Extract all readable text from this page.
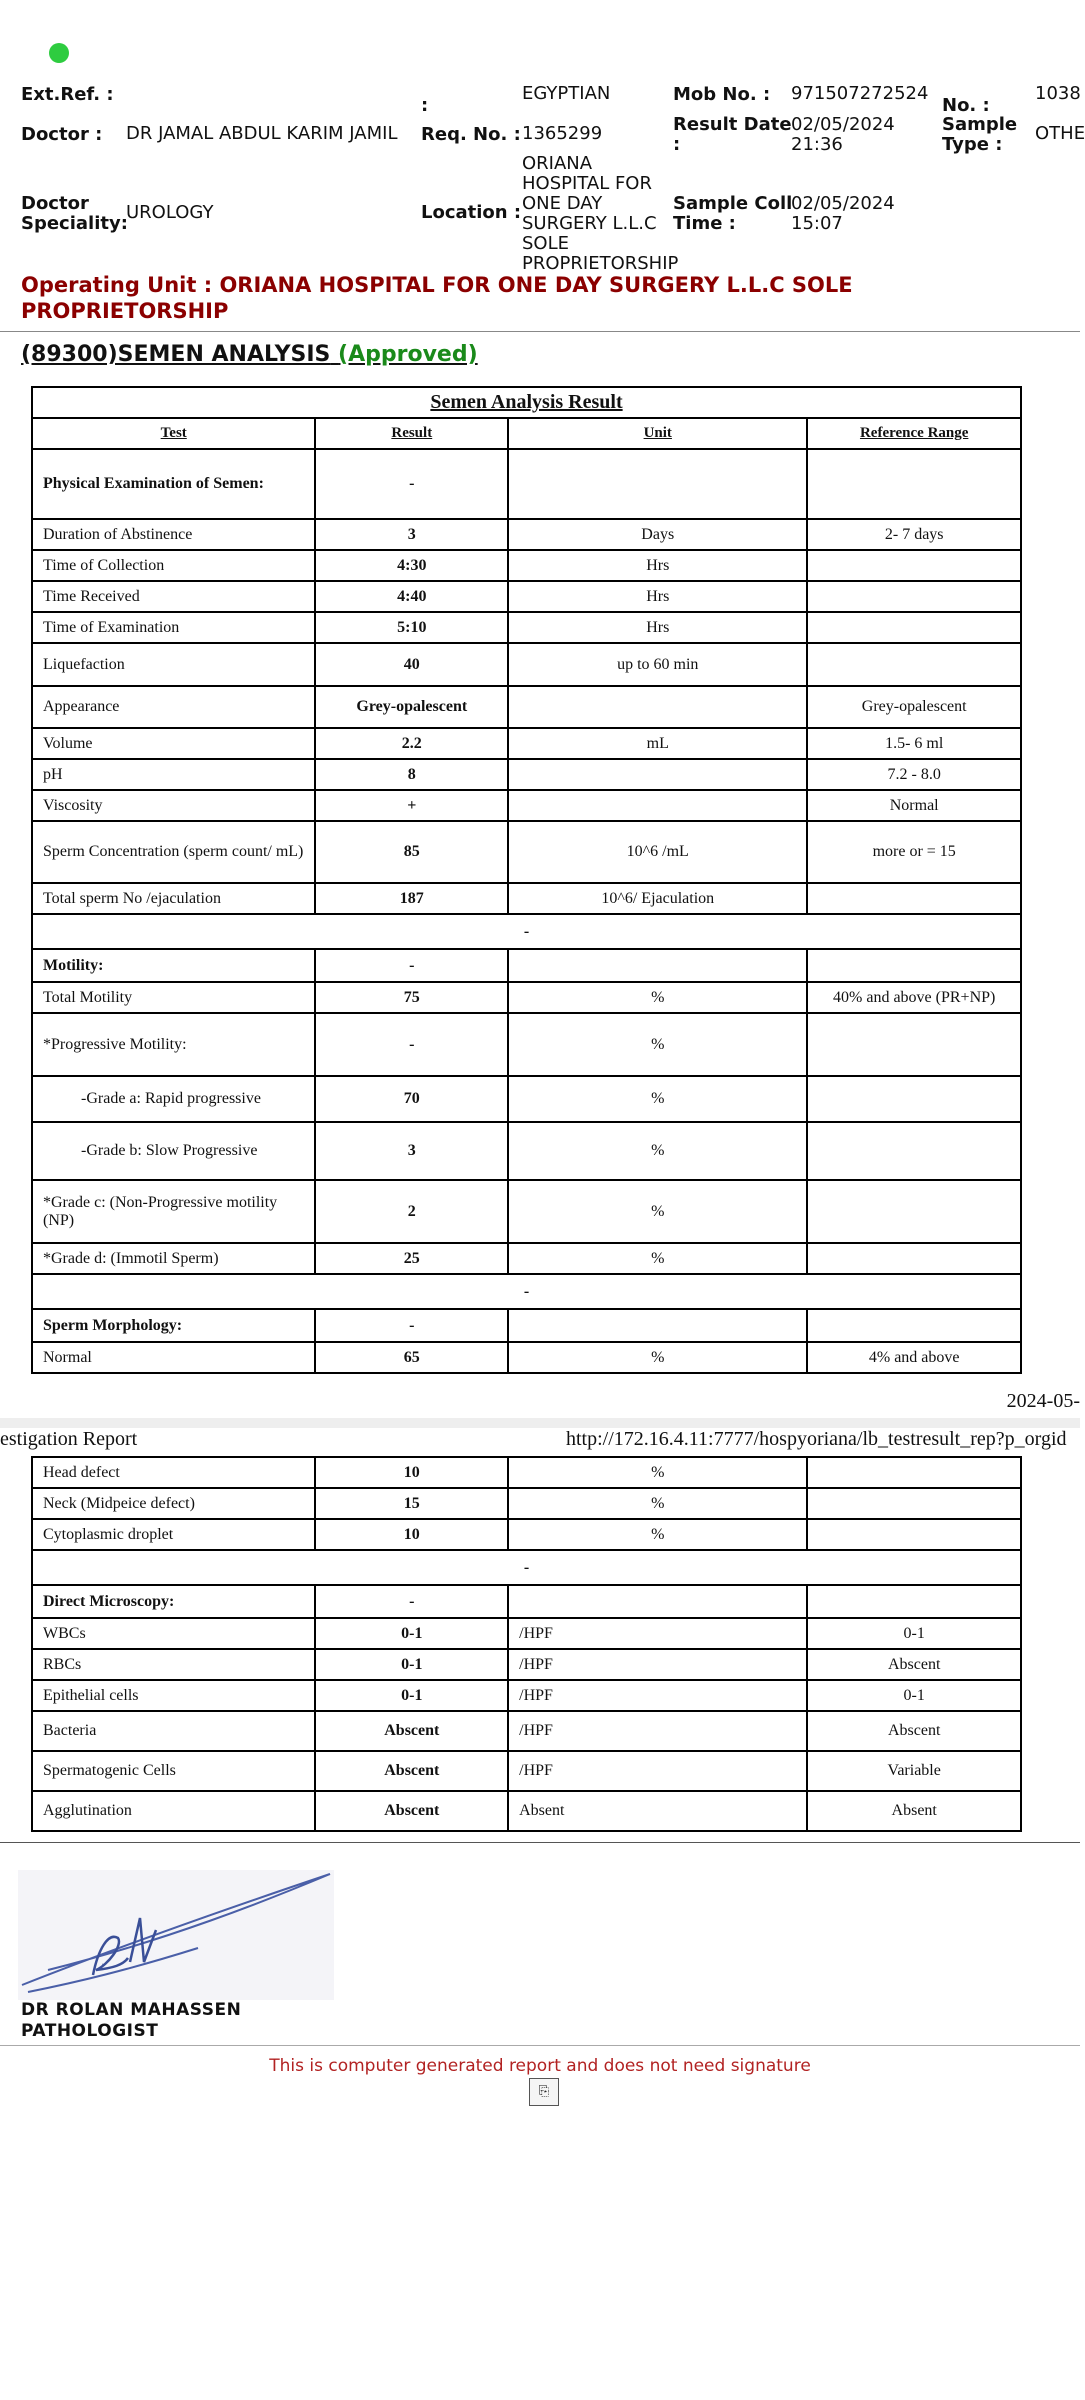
Ext.Ref. :
:
EGYPTIAN	Mob No. : 971507272524
No. :
1038
Doctor : DR JAMAL ABDUL KARIM JAMIL Req. No. : 1365299	Result Date :
02/05/2024 21:36
Sample Type :
OTHE
Doctor Speciality:
UROLOGY	Location :
ORIANA HOSPITAL FOR ONE DAY SURGERY L.L.C SOLE PROPRIETORSHIP
Sample Coll Time :
02/05/2024 15:07
Operating Unit : ORIANA HOSPITAL FOR ONE DAY SURGERY L.L.C SOLE PROPRIETORSHIP
(89300)SEMEN ANALYSIS (Approved)
Semen Analysis Result			
Test	Result	Unit	Reference Range
Physical Examination of Semen:	-		
Duration of Abstinence	3	Days	2- 7 days
Time of Collection	4:30	Hrs	
Time Received	4:40	Hrs	
Time of Examination	5:10	Hrs	
Liquefaction	40	up to 60 min	
Appearance	Grey-opalescent		Grey-opalescent
Volume	2.2	mL	1.5- 6 ml
pH	8		7.2 - 8.0
Viscosity	+		Normal
Sperm Concentration (sperm count/ mL)	85	10^6 /mL	more or = 15
Total sperm No /ejaculation	187	10^6/ Ejaculation	
-			
Motility:	-		
Total Motility	75	%	40% and above (PR+NP)
*Progressive Motility:	-	%	
-Grade a: Rapid progressive	70	%	
-Grade b: Slow Progressive	3	%	
*Grade c: (Non-Progressive motility (NP)	2	%	
*Grade d: (Immotil Sperm)	25	%	
-			
Sperm Morphology:	-		
Normal	65	%	4% and above
2024-05-
estigation Report	http://172.16.4.11:7777/hospyoriana/lb_testresult_rep?p_orgid
Head defect	10	%	
Neck (Midpeice defect)	15	%	
Cytoplasmic droplet	10	%	
-			
Direct Microscopy:	-		
WBCs	0-1	/HPF	0-1
RBCs	0-1	/HPF	Abscent
Epithelial cells	0-1	/HPF	0-1
Bacteria	Abscent	/HPF	Abscent
Spermatogenic Cells	Abscent	/HPF	Variable
Agglutination	Abscent	Absent	Absent
RM
DR ROLAN MAHASSEN
PATHOLOGIST
This is computer generated report and does not need signature
⎘
